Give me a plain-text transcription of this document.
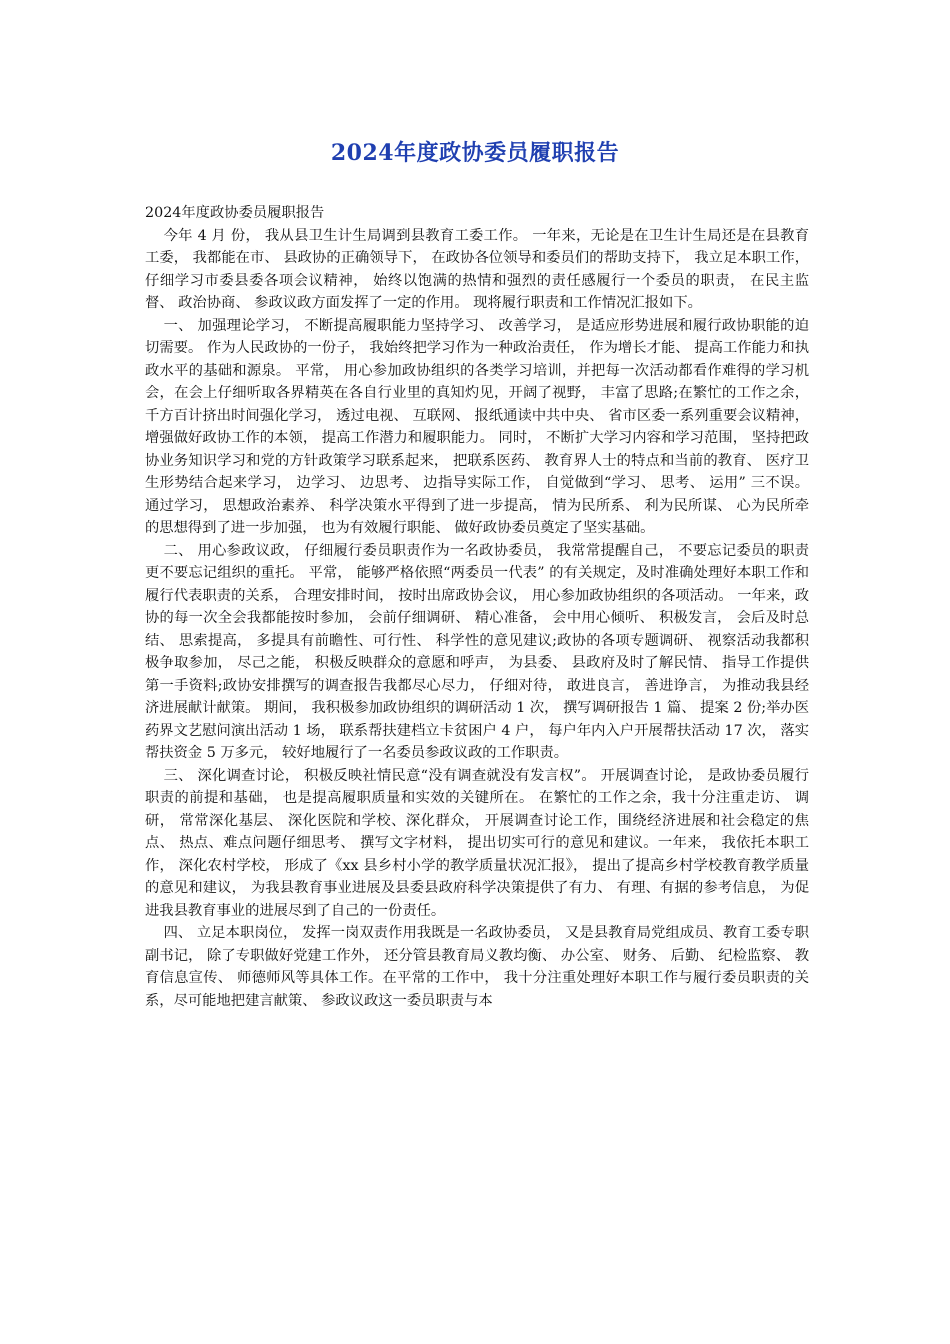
2024年度政协委员履职报告

2024年度政协委员履职报告

今年 4 月 份， 我从县卫生计生局调到县教育工委工作。 一年来，无论是在卫生计生局还是在县教育工委， 我都能在市、 县政协的正确领导下， 在政协各位领导和委员们的帮助支持下， 我立足本职工作，仔细学习市委县委各项会议精神， 始终以饱满的热情和强烈的责任感履行一个委员的职责， 在民主监督、 政治协商、 参政议政方面发挥了一定的作用。 现将履行职责和工作情况汇报如下。

一、 加强理论学习， 不断提高履职能力坚持学习、 改善学习， 是适应形势进展和履行政协职能的迫切需要。 作为人民政协的一份子， 我始终把学习作为一种政治责任， 作为增长才能、 提高工作能力和执政水平的基础和源泉。 平常， 用心参加政协组织的各类学习培训，并把每一次活动都看作难得的学习机会，在会上仔细听取各界精英在各自行业里的真知灼见，开阔了视野， 丰富了思路;在繁忙的工作之余， 千方百计挤出时间强化学习， 透过电视、 互联网、 报纸通读中共中央、 省市区委一系列重要会议精神， 增强做好政协工作的本领， 提高工作潜力和履职能力。 同时， 不断扩大学习内容和学习范围， 坚持把政协业务知识学习和党的方针政策学习联系起来， 把联系医药、 教育界人士的特点和当前的教育、 医疗卫生形势结合起来学习， 边学习、 边思考、 边指导实际工作， 自觉做到“学习、 思考、 运用” 三不误。 通过学习， 思想政治素养、 科学决策水平得到了进一步提高， 情为民所系、 利为民所谋、 心为民所牵的思想得到了进一步加强， 也为有效履行职能、 做好政协委员奠定了坚实基础。

二、 用心参政议政， 仔细履行委员职责作为一名政协委员， 我常常提醒自己， 不要忘记委员的职责更不要忘记组织的重托。 平常， 能够严格依照“两委员一代表” 的有关规定，及时准确处理好本职工作和履行代表职责的关系， 合理安排时间， 按时出席政协会议， 用心参加政协组织的各项活动。 一年来，政协的每一次全会我都能按时参加， 会前仔细调研、 精心准备， 会中用心倾听、 积极发言， 会后及时总结、 思索提高， 多提具有前瞻性、可行性、 科学性的意见建议;政协的各项专题调研、 视察活动我都积极争取参加， 尽己之能， 积极反映群众的意愿和呼声， 为县委、 县政府及时了解民情、 指导工作提供第一手资料;政协安排撰写的调查报告我都尽心尽力， 仔细对待， 敢进良言， 善进诤言， 为推动我县经济进展献计献策。 期间， 我积极参加政协组织的调研活动 1 次， 撰写调研报告 1 篇、 提案 2 份;举办医药界文艺慰问演出活动 1 场， 联系帮扶建档立卡贫困户 4 户， 每户年内入户开展帮扶活动 17 次， 落实帮扶资金 5 万多元， 较好地履行了一名委员参政议政的工作职责。

三、 深化调查讨论， 积极反映社情民意“没有调查就没有发言权”。 开展调查讨论， 是政协委员履行职责的前提和基础， 也是提高履职质量和实效的关键所在。 在繁忙的工作之余，我十分注重走访、 调研， 常常深化基层、 深化医院和学校、深化群众， 开展调查讨论工作，围绕经济进展和社会稳定的焦点、 热点、难点问题仔细思考、 撰写文字材料， 提出切实可行的意见和建议。一年来， 我依托本职工作， 深化农村学校， 形成了《xx 县乡村小学的教学质量状况汇报》， 提出了提高乡村学校教育教学质量的意见和建议， 为我县教育事业进展及县委县政府科学决策提供了有力、 有理、有据的参考信息， 为促进我县教育事业的进展尽到了自己的一份责任。

四、 立足本职岗位， 发挥一岗双责作用我既是一名政协委员， 又是县教育局党组成员、教育工委专职副书记， 除了专职做好党建工作外， 还分管县教育局义教均衡、 办公室、 财务、 后勤、 纪检监察、 教育信息宣传、 师德师风等具体工作。在平常的工作中， 我十分注重处理好本职工作与履行委员职责的关系，尽可能地把建言献策、 参政议政这一委员职责与本
